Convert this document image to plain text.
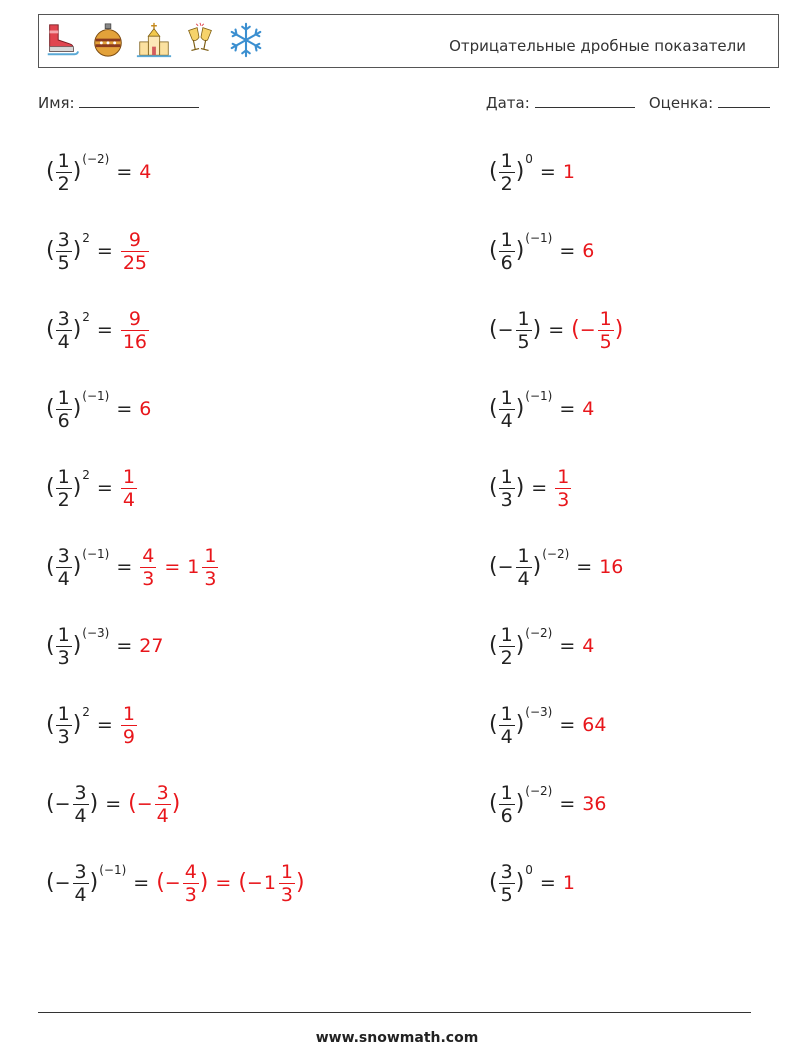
Отрицательные дробные показатели
Имя:	Дата:	Оценка:
( $\frac{1}{2}$ ) (−2)
= 4
( $\frac{3}{5}$ ) 2
= $\frac{9}{25}$
( $\frac{3}{4}$ ) 2
= $\frac{9}{16}$
( $\frac{1}{6}$ ) (−1)
= 6
( $\frac{1}{2}$ ) 2
= $\frac{1}{4}$
( $\frac{3}{4}$ ) (−1)
= $\frac{4}{3} = 1 \frac{1}{3}$
( $\frac{1}{3}$ ) (−3)
= 27
( $\frac{1}{3}$ ) 2
= $\frac{1}{9}$
( − $\frac{3}{4}$ ) = ( − $\frac{3}{4}$ )
( − $\frac{3}{4}$ ) (−1)
= ( − $\frac{4}{3}$ ) = ( − $1 \frac{1}{3}$ )
( $\frac{1}{2}$ ) 0
= 1
( $\frac{1}{6}$ ) (−1)
= 6
( − $\frac{1}{5}$ ) = ( − $\frac{1}{5}$ )
( $\frac{1}{4}$ ) (−1)
= 4
( $\frac{1}{3}$ ) = $\frac{1}{3}$
( − $\frac{1}{4}$ ) (−2)
= 16
( $\frac{1}{2}$ ) (−2)
= 4
( $\frac{1}{4}$ ) (−3)
= 64
( $\frac{1}{6}$ ) (−2)
= 36
( $\frac{3}{5}$ ) 0
= 1
www.snowmath.com
